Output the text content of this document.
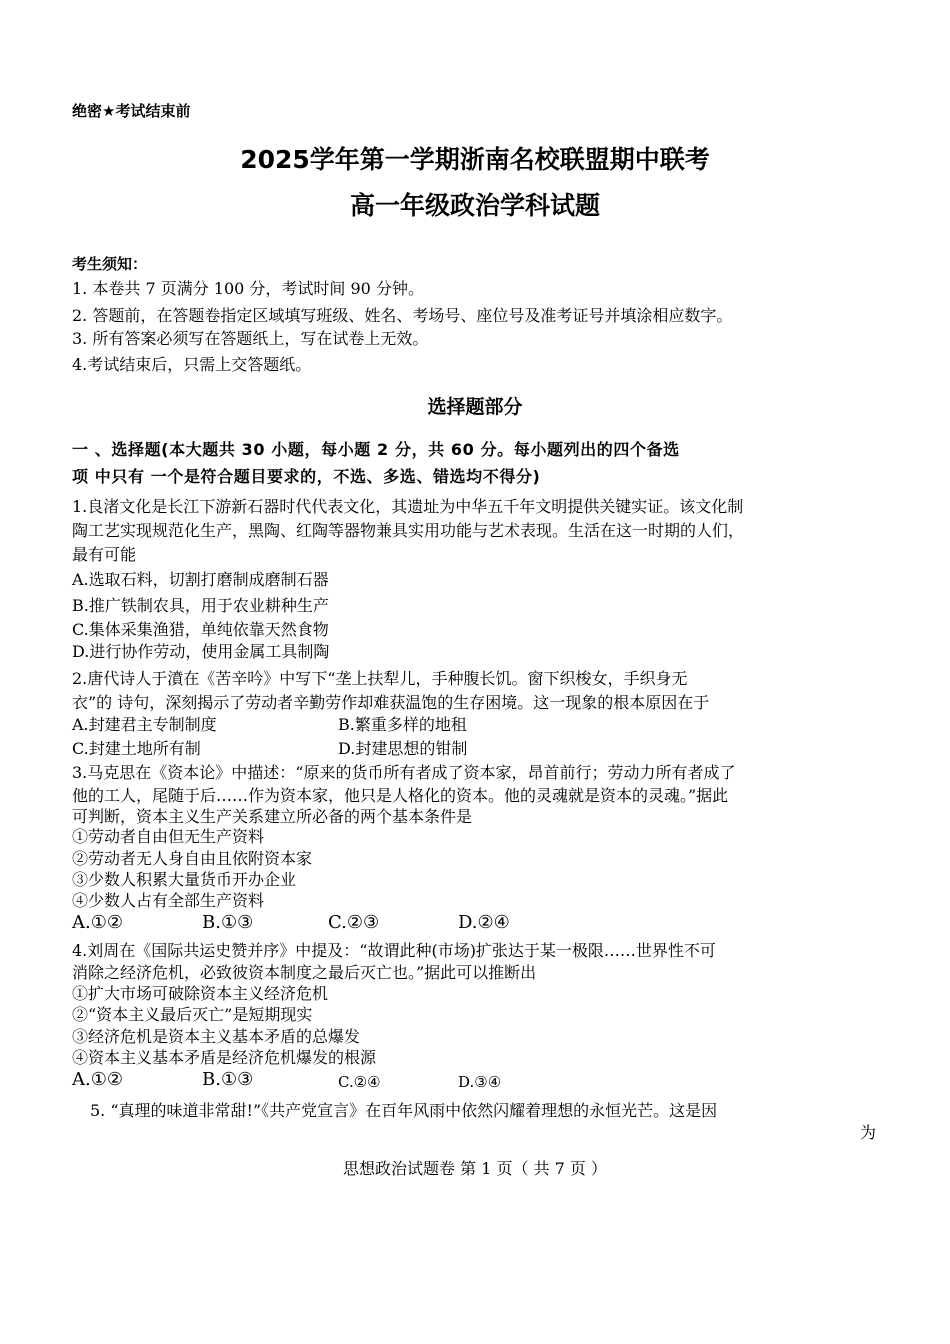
绝密★考试结束前
2025学年第一学期浙南名校联盟期中联考
高一年级政治学科试题
考生须知：
1. 本卷共 7 页满分 100 分，考试时间 90 分钟。
2. 答题前，在答题卷指定区域填写班级、姓名、考场号、座位号及准考证号并填涂相应数字。
3. 所有答案必须写在答题纸上，写在试卷上无效。
4.考试结束后，只需上交答题纸。
选择题部分
一 、选择题(本大题共 30 小题，每小题 2 分，共 60 分。每小题列出的四个备选
项 中只有 一个是符合题目要求的，不选、多选、错选均不得分)
1.良渚文化是长江下游新石器时代代表文化，其遗址为中华五千年文明提供关键实证。该文化制
陶工艺实现规范化生产，黑陶、红陶等器物兼具实用功能与艺术表现。生活在这一时期的人们，
最有可能
A.选取石料，切割打磨制成磨制石器
B.推广铁制农具，用于农业耕种生产
C.集体采集渔猎，单纯依靠天然食物
D.进行协作劳动，使用金属工具制陶
2.唐代诗人于濆在《苦辛吟》中写下“垄上扶犁儿，手种腹长饥。窗下织梭女，手织身无
衣”的 诗句，深刻揭示了劳动者辛勤劳作却难获温饱的生存困境。这一现象的根本原因在于
A.封建君主专制制度	B.繁重多样的地租
C.封建土地所有制	D.封建思想的钳制
3.马克思在《资本论》中描述：“原来的货币所有者成了资本家，昂首前行；劳动力所有者成了
他的工人，尾随于后……作为资本家，他只是人格化的资本。他的灵魂就是资本的灵魂。”据此
可判断，资本主义生产关系建立所必备的两个基本条件是
①劳动者自由但无生产资料
②劳动者无人身自由且依附资本家
③少数人积累大量货币开办企业
④少数人占有全部生产资料
A.①②	B.①③	C.②③	D.②④
4.刘周在《国际共运史赞并序》中提及：“故谓此种(市场)扩张达于某一极限……世界性不可
消除之经济危机，必致彼资本制度之最后灭亡也。”据此可以推断出
①扩大市场可破除资本主义经济危机
②“资本主义最后灭亡”是短期现实
③经济危机是资本主义基本矛盾的总爆发
④资本主义基本矛盾是经济危机爆发的根源
A.①②	B.①③	C.②④	D.③④
5. “真理的味道非常甜!”《共产党宣言》在百年风雨中依然闪耀着理想的永恒光芒。这是因
为
思想政治试题卷 第 1 页（ 共 7 页 ）
